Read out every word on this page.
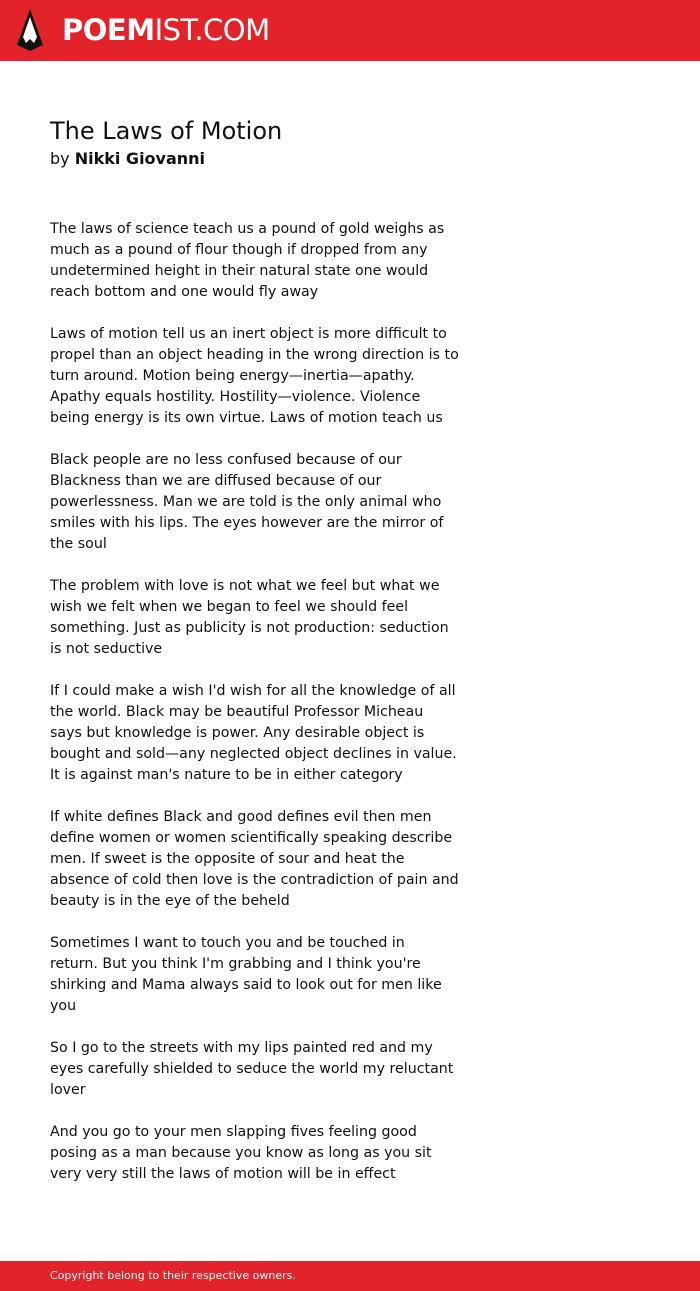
POEMIST.COM
The Laws of Motion
by Nikki Giovanni
The laws of science teach us a pound of gold weighs as
much as a pound of flour though if dropped from any
undetermined height in their natural state one would
reach bottom and one would fly away
Laws of motion tell us an inert object is more difficult to
propel than an object heading in the wrong direction is to
turn around. Motion being energy—inertia—apathy.
Apathy equals hostility. Hostility—violence. Violence
being energy is its own virtue. Laws of motion teach us
Black people are no less confused because of our
Blackness than we are diffused because of our
powerlessness. Man we are told is the only animal who
smiles with his lips. The eyes however are the mirror of
the soul
The problem with love is not what we feel but what we
wish we felt when we began to feel we should feel
something. Just as publicity is not production: seduction
is not seductive
If I could make a wish I'd wish for all the knowledge of all
the world. Black may be beautiful Professor Micheau
says but knowledge is power. Any desirable object is
bought and sold—any neglected object declines in value.
It is against man's nature to be in either category
If white defines Black and good defines evil then men
define women or women scientifically speaking describe
men. If sweet is the opposite of sour and heat the
absence of cold then love is the contradiction of pain and
beauty is in the eye of the beheld
Sometimes I want to touch you and be touched in
return. But you think I'm grabbing and I think you're
shirking and Mama always said to look out for men like
you
So I go to the streets with my lips painted red and my
eyes carefully shielded to seduce the world my reluctant
lover
And you go to your men slapping fives feeling good
posing as a man because you know as long as you sit
very very still the laws of motion will be in effect
Copyright belong to their respective owners.
